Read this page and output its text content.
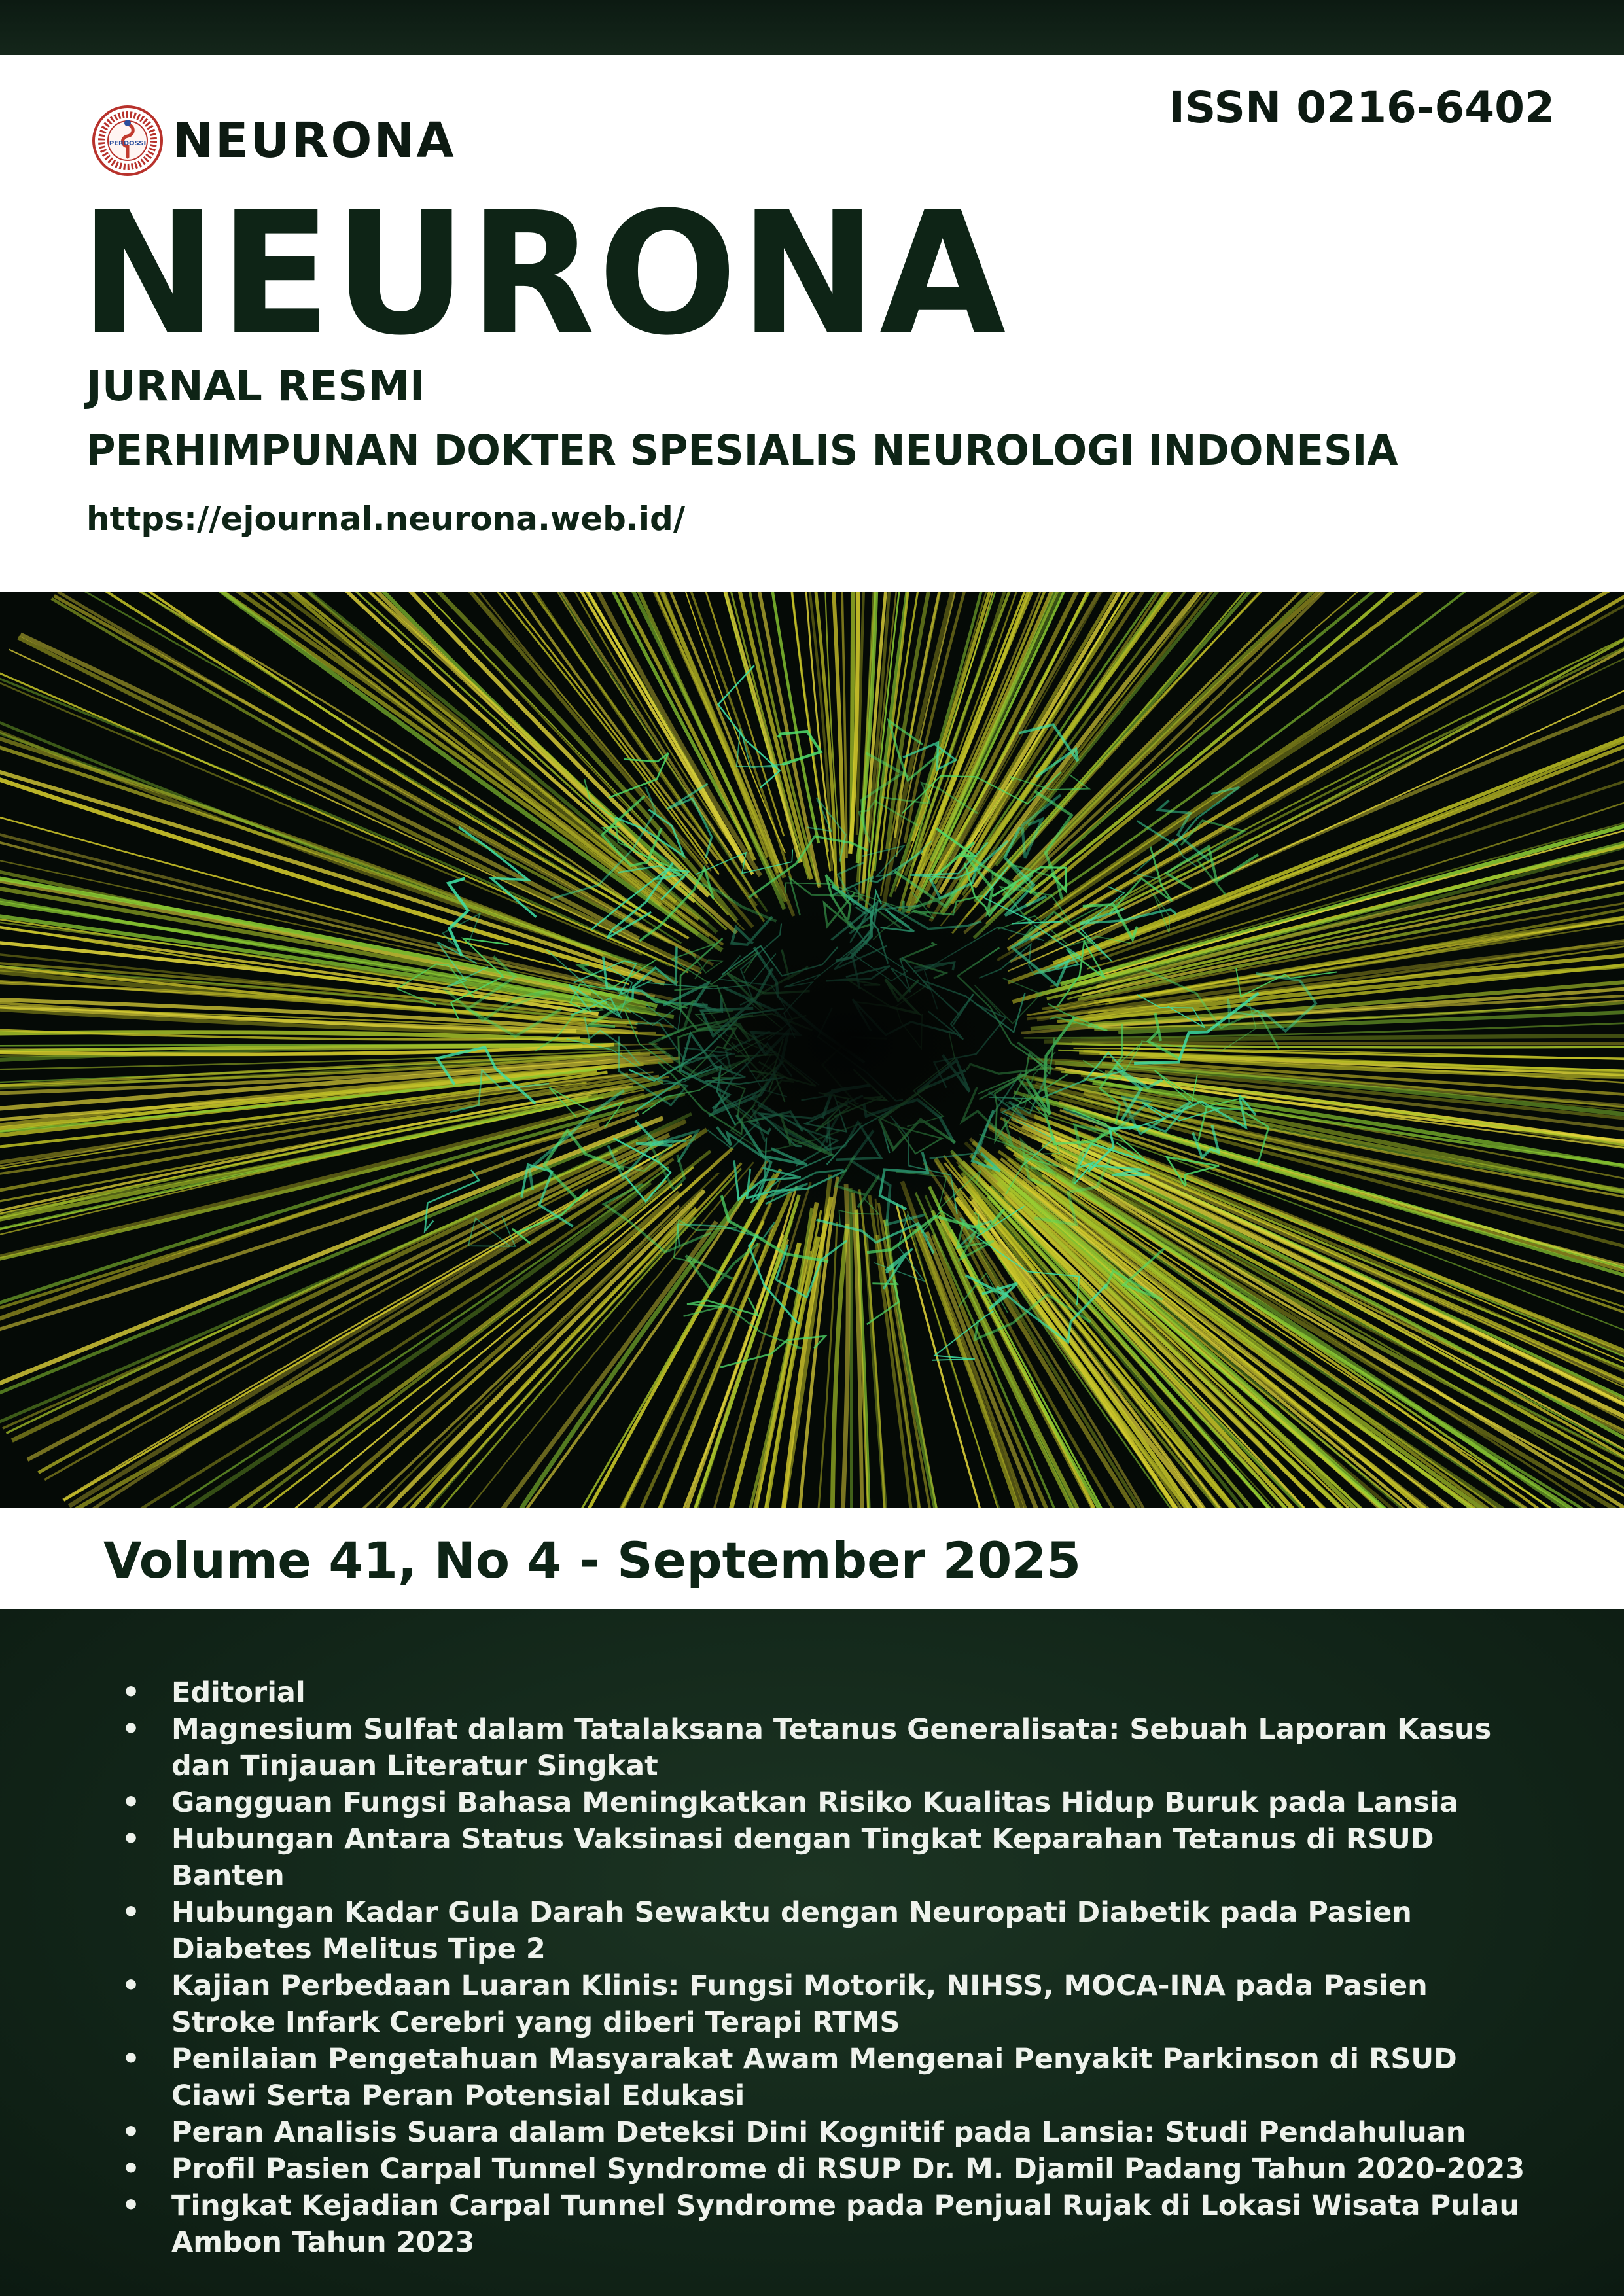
PERDOSSI NEURONA
ISSN 0216-6402
NEURONA
JURNAL RESMI
PERHIMPUNAN DOKTER SPESIALIS NEUROLOGI INDONESIA
https://ejournal.neurona.web.id/
Volume 41, No 4 - September 2025
• Editorial
• Magnesium Sulfat dalam Tatalaksana Tetanus Generalisata: Sebuah Laporan Kasus dan Tinjauan Literatur Singkat
• Gangguan Fungsi Bahasa Meningkatkan Risiko Kualitas Hidup Buruk pada Lansia
• Hubungan Antara Status Vaksinasi dengan Tingkat Keparahan Tetanus di RSUD Banten
• Hubungan Kadar Gula Darah Sewaktu dengan Neuropati Diabetik pada Pasien Diabetes Melitus Tipe 2
• Kajian Perbedaan Luaran Klinis: Fungsi Motorik, NIHSS, MOCA-INA pada Pasien Stroke Infark Cerebri yang diberi Terapi RTMS
• Penilaian Pengetahuan Masyarakat Awam Mengenai Penyakit Parkinson di RSUD Ciawi Serta Peran Potensial Edukasi
• Peran Analisis Suara dalam Deteksi Dini Kognitif pada Lansia: Studi Pendahuluan
• Profil Pasien Carpal Tunnel Syndrome di RSUP Dr. M. Djamil Padang Tahun 2020-2023
• Tingkat Kejadian Carpal Tunnel Syndrome pada Penjual Rujak di Lokasi Wisata Pulau Ambon Tahun 2023
